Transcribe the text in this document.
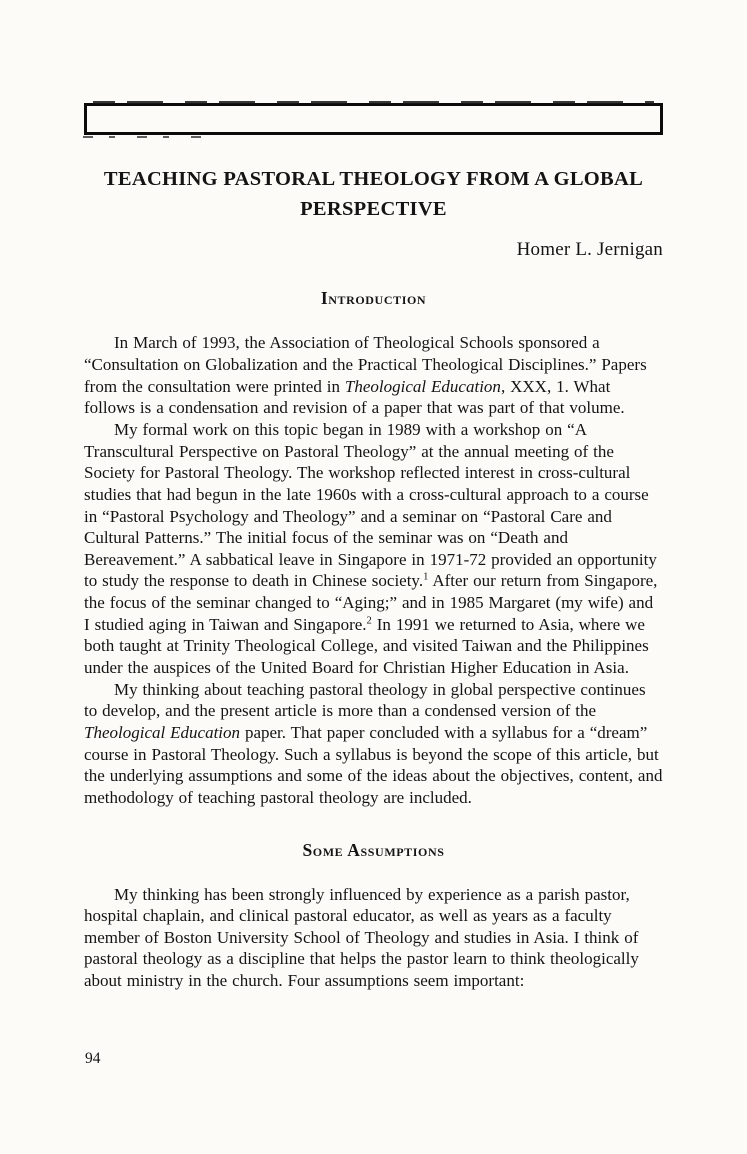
TEACHING PASTORAL THEOLOGY FROM A GLOBAL PERSPECTIVE
Homer L. Jernigan
Introduction

In March of 1993, the Association of Theological Schools sponsored a “Consultation on Globalization and the Practical Theological Disciplines.” Papers from the consultation were printed in Theological Education, XXX, 1. What follows is a condensation and revision of a paper that was part of that volume.

My formal work on this topic began in 1989 with a workshop on “A Transcultural Perspective on Pastoral Theology” at the annual meeting of the Society for Pastoral Theology. The workshop reflected interest in cross-cultural studies that had begun in the late 1960s with a cross-cultural approach to a course in “Pastoral Psychology and Theology” and a seminar on “Pastoral Care and Cultural Patterns.” The initial focus of the seminar was on “Death and Bereavement.” A sabbatical leave in Singapore in 1971-72 provided an opportunity to study the response to death in Chinese society.$^1$ After our return from Singapore, the focus of the seminar changed to “Aging;” and in 1985 Margaret (my wife) and I studied aging in Taiwan and Singapore.$^2$ In 1991 we returned to Asia, where we both taught at Trinity Theological College, and visited Taiwan and the Philippines under the auspices of the United Board for Christian Higher Education in Asia.

My thinking about teaching pastoral theology in global perspective continues to develop, and the present article is more than a condensed version of the Theological Education paper. That paper concluded with a syllabus for a “dream” course in Pastoral Theology. Such a syllabus is beyond the scope of this article, but the underlying assumptions and some of the ideas about the objectives, content, and methodology of teaching pastoral theology are included.

Some Assumptions

My thinking has been strongly influenced by experience as a parish pastor, hospital chaplain, and clinical pastoral educator, as well as years as a faculty member of Boston University School of Theology and studies in Asia. I think of pastoral theology as a discipline that helps the pastor learn to think theologically about ministry in the church. Four assumptions seem important:

94
